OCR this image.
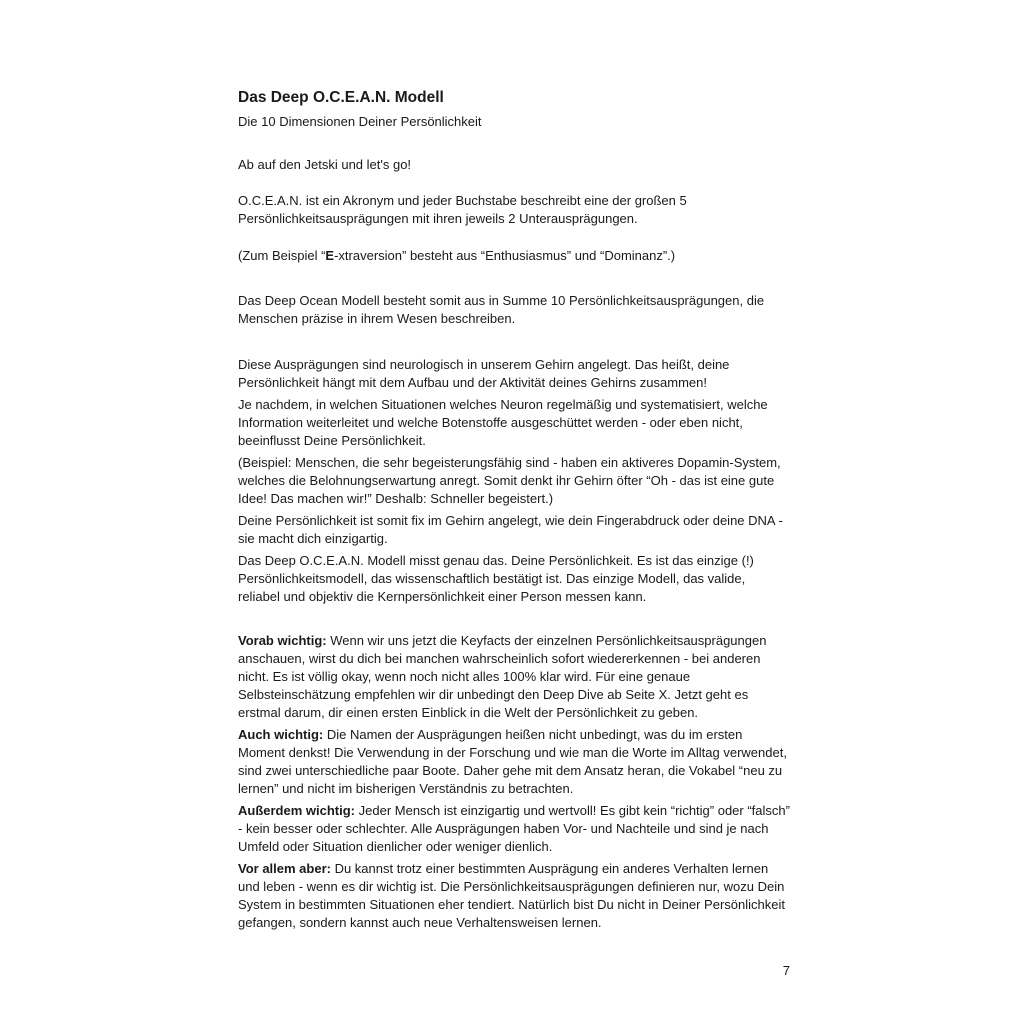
Das Deep O.C.E.A.N. Modell

Die 10 Dimensionen Deiner Persönlichkeit

Ab auf den Jetski und let's go!

O.C.E.A.N. ist ein Akronym und jeder Buchstabe beschreibt eine der großen 5 Persönlichkeitsausprägungen mit ihren jeweils 2 Unterausprägungen.

(Zum Beispiel “E-xtraversion” besteht aus “Enthusiasmus” und “Dominanz”.)

Das Deep Ocean Modell besteht somit aus in Summe 10 Persönlichkeitsausprägungen, die Menschen präzise in ihrem Wesen beschreiben.

Diese Ausprägungen sind neurologisch in unserem Gehirn angelegt. Das heißt, deine Persönlichkeit hängt mit dem Aufbau und der Aktivität deines Gehirns zusammen!

Je nachdem, in welchen Situationen welches Neuron regelmäßig und systematisiert, welche Information weiterleitet und welche Botenstoffe ausgeschüttet werden - oder eben nicht, beeinflusst Deine Persönlichkeit.

(Beispiel: Menschen, die sehr begeisterungsfähig sind - haben ein aktiveres Dopamin-System, welches die Belohnungserwartung anregt. Somit denkt ihr Gehirn öfter “Oh - das ist eine gute Idee! Das machen wir!” Deshalb: Schneller begeistert.)

Deine Persönlichkeit ist somit fix im Gehirn angelegt, wie dein Fingerabdruck oder deine DNA - sie macht dich einzigartig.

Das Deep O.C.E.A.N. Modell misst genau das. Deine Persönlichkeit. Es ist das einzige (!) Persönlichkeitsmodell, das wissenschaftlich bestätigt ist. Das einzige Modell, das valide, reliabel und objektiv die Kernpersönlichkeit einer Person messen kann.

Vorab wichtig: Wenn wir uns jetzt die Keyfacts der einzelnen Persönlichkeitsausprägungen anschauen, wirst du dich bei manchen wahrscheinlich sofort wiedererkennen - bei anderen nicht. Es ist völlig okay, wenn noch nicht alles 100% klar wird. Für eine genaue Selbsteinschätzung empfehlen wir dir unbedingt den Deep Dive ab Seite X. Jetzt geht es erstmal darum, dir einen ersten Einblick in die Welt der Persönlichkeit zu geben.

Auch wichtig: Die Namen der Ausprägungen heißen nicht unbedingt, was du im ersten Moment denkst! Die Verwendung in der Forschung und wie man die Worte im Alltag verwendet, sind zwei unterschiedliche paar Boote. Daher gehe mit dem Ansatz heran, die Vokabel “neu zu lernen” und nicht im bisherigen Verständnis zu betrachten.

Außerdem wichtig: Jeder Mensch ist einzigartig und wertvoll! Es gibt kein “richtig” oder “falsch” - kein besser oder schlechter. Alle Ausprägungen haben Vor- und Nachteile und sind je nach Umfeld oder Situation dienlicher oder weniger dienlich.

Vor allem aber: Du kannst trotz einer bestimmten Ausprägung ein anderes Verhalten lernen und leben - wenn es dir wichtig ist. Die Persönlichkeitsausprägungen definieren nur, wozu Dein System in bestimmten Situationen eher tendiert. Natürlich bist Du nicht in Deiner Persönlichkeit gefangen, sondern kannst auch neue Verhaltensweisen lernen.

7
